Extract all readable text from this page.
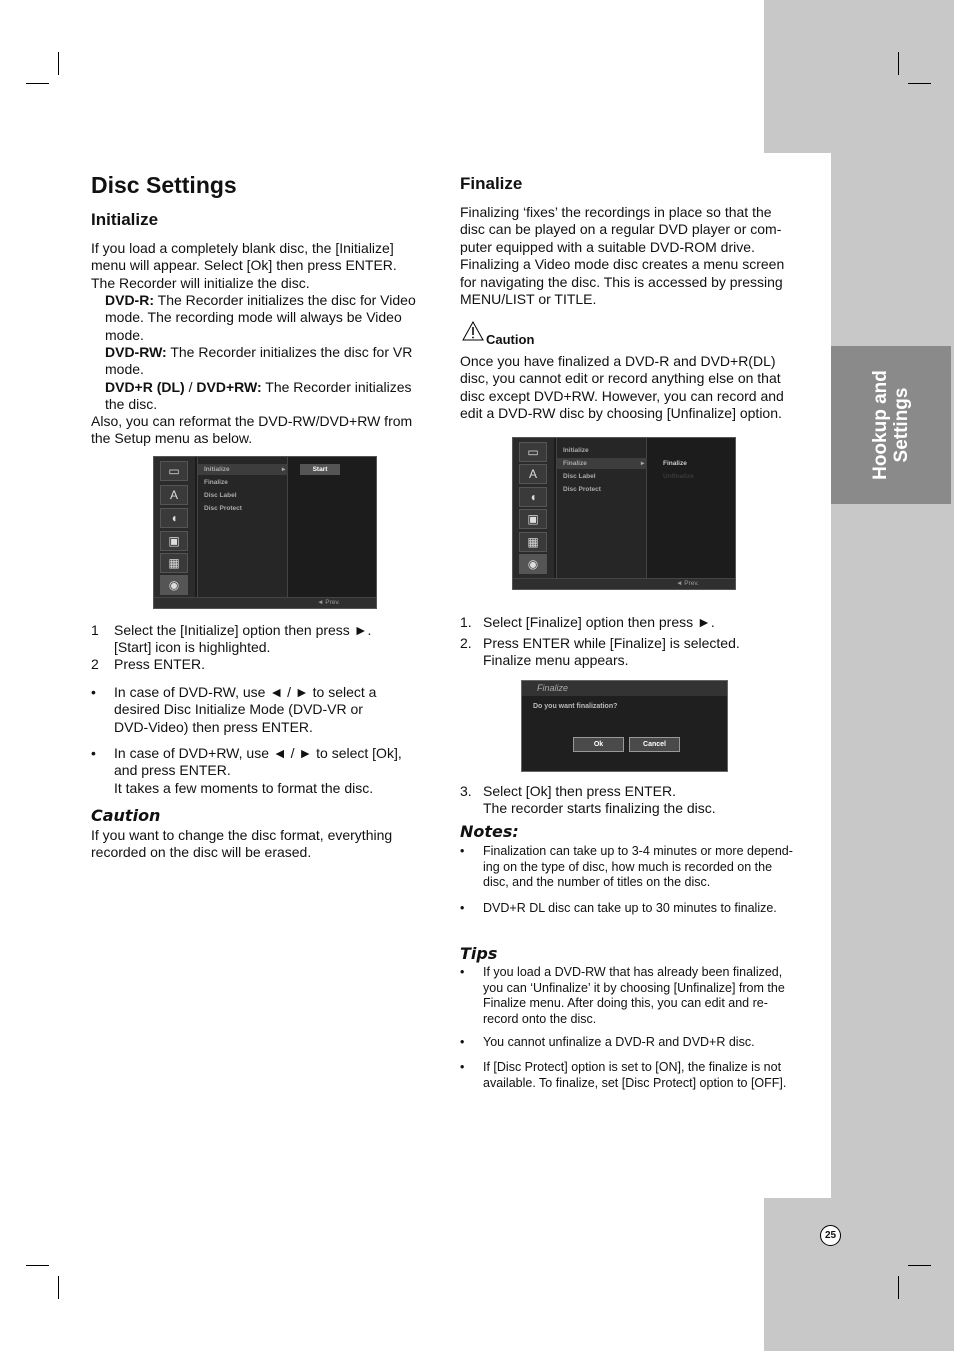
Hookup and Settings
25
Disc Settings
Initialize
If you load a completely blank disc, the [Initialize]
menu will appear. Select [Ok] then press ENTER.
The Recorder will initialize the disc.
DVD-R: The Recorder initializes the disc for Video
mode. The recording mode will always be Video
mode.
DVD-RW: The Recorder initializes the disc for VR
mode.
DVD+R (DL) / DVD+RW: The Recorder initializes
the disc.
Also, you can reformat the DVD-RW/DVD+RW from
the Setup menu as below.
▭
A
◖
▣
▦
◉
Initialize	▸
Finalize
Disc Label
Disc Protect
Start
◄ Prev.
1 Select the [Initialize] option then press ►.
[Start] icon is highlighted.
2 Press ENTER.
• In case of DVD-RW, use ◄ / ► to select a
desired Disc Initialize Mode (DVD-VR or
DVD-Video) then press ENTER.
• In case of DVD+RW, use ◄ / ► to select [Ok],
and press ENTER.
It takes a few moments to format the disc.
Caution
If you want to change the disc format, everything
recorded on the disc will be erased.
Finalize
Finalizing ‘fixes’ the recordings in place so that the
disc can be played on a regular DVD player or com-
puter equipped with a suitable DVD-ROM drive.
Finalizing a Video mode disc creates a menu screen
for navigating the disc. This is accessed by pressing
MENU/LIST or TITLE.
Caution
Once you have finalized a DVD-R and DVD+R(DL)
disc, you cannot edit or record anything else on that
disc except DVD+RW. However, you can record and
edit a DVD-RW disc by choosing [Unfinalize] option.
▭
A
◖
▣
▦
◉
Initialize
Finalize	▸
Disc Label
Disc Protect
Finalize
Unfinalize
◄ Prev.
1. Select [Finalize] option then press ►.
2. Press ENTER while [Finalize] is selected.
Finalize menu appears.
Finalize
Do you want finalization?
Ok	Cancel
3. Select [Ok] then press ENTER.
The recorder starts finalizing the disc.
Notes:
• Finalization can take up to 3-4 minutes or more depend-
ing on the type of disc, how much is recorded on the
disc, and the number of titles on the disc.
• DVD+R DL disc can take up to 30 minutes to finalize.
Tips
• If you load a DVD-RW that has already been finalized,
you can ‘Unfinalize’ it by choosing [Unfinalize] from the
Finalize menu. After doing this, you can edit and re-
record onto the disc.
• You cannot unfinalize a DVD-R and DVD+R disc.
• If [Disc Protect] option is set to [ON], the finalize is not
available. To finalize, set [Disc Protect] option to [OFF].
